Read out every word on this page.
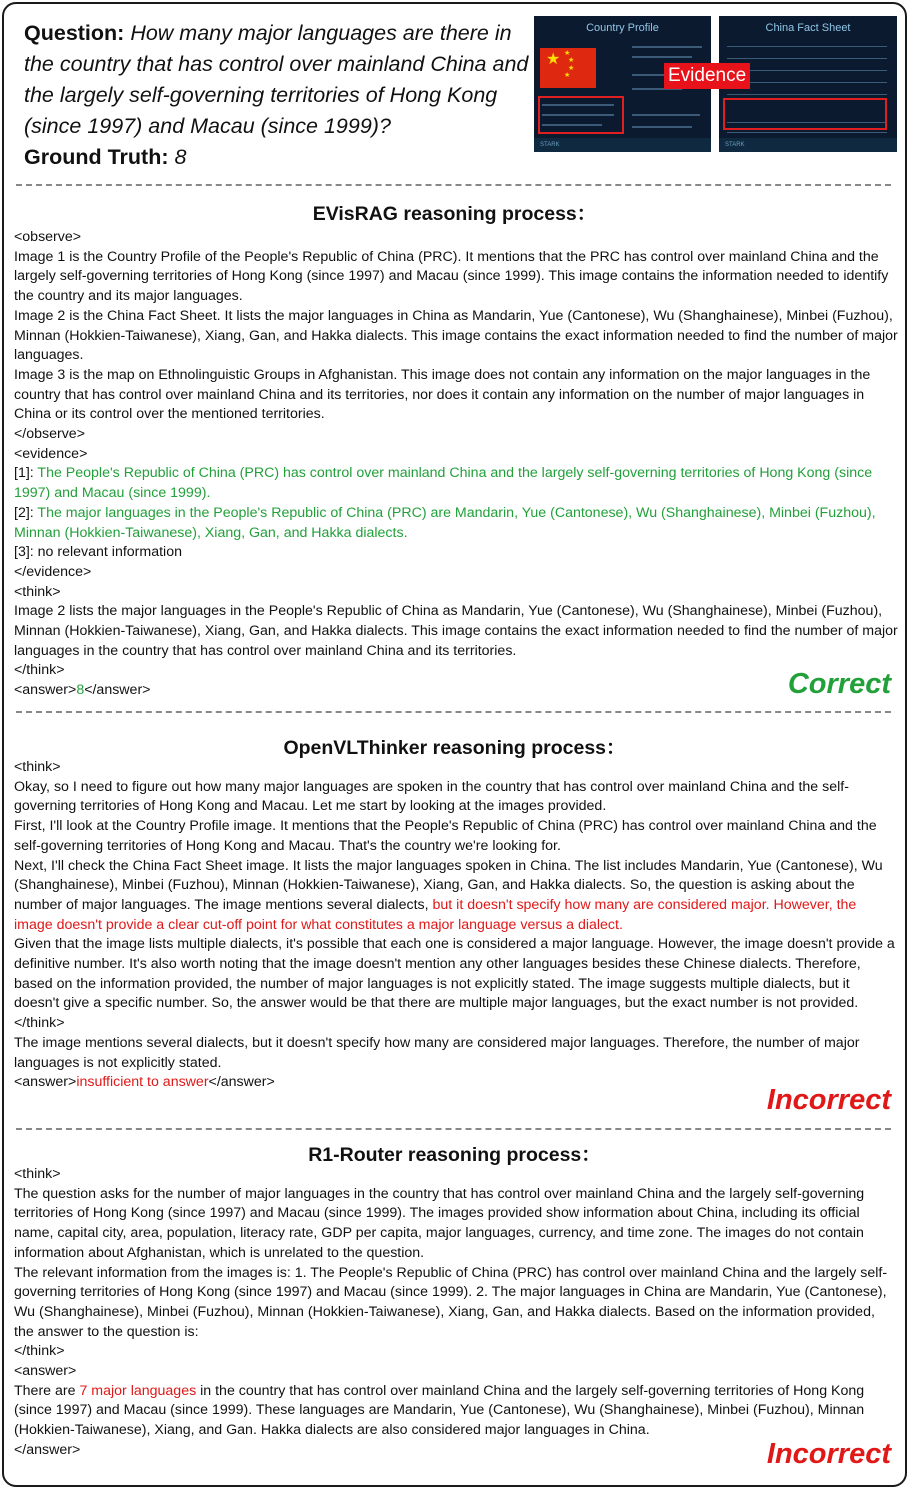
Question: How many major languages are there in the country that has control over mainland China and the largely self-governing territories of Hong Kong (since 1997) and Macau (since 1999)?
Ground Truth: 8
Country Profile
★ ★
★
★
★
STARK
China Fact Sheet
STARK
Evidence
EVisRAG reasoning process：

<observe>

Image 1 is the Country Profile of the People's Republic of China (PRC). It mentions that the PRC has control over mainland China and the largely self-governing territories of Hong Kong (since 1997) and Macau (since 1999). This image contains the information needed to identify the country and its major languages.

Image 2 is the China Fact Sheet. It lists the major languages in China as Mandarin, Yue (Cantonese), Wu (Shanghainese), Minbei (Fuzhou), Minnan (Hokkien-Taiwanese), Xiang, Gan, and Hakka dialects. This image contains the exact information needed to find the number of major languages.

Image 3 is the map on Ethnolinguistic Groups in Afghanistan. This image does not contain any information on the major languages in the country that has control over mainland China and its territories, nor does it contain any information on the number of major languages in China or its control over the mentioned territories.

</observe>

<evidence>

[1]: The People's Republic of China (PRC) has control over mainland China and the largely self-governing territories of Hong Kong (since 1997) and Macau (since 1999).

[2]: The major languages in the People's Republic of China (PRC) are Mandarin, Yue (Cantonese), Wu (Shanghainese), Minbei (Fuzhou), Minnan (Hokkien-Taiwanese), Xiang, Gan, and Hakka dialects.

[3]: no relevant information

</evidence>

<think>

Image 2 lists the major languages in the People's Republic of China as Mandarin, Yue (Cantonese), Wu (Shanghainese), Minbei (Fuzhou), Minnan (Hokkien-Taiwanese), Xiang, Gan, and Hakka dialects. This image contains the exact information needed to find the number of major languages in the country that has control over mainland China and its territories.

</think>

<answer>8</answer>	Correct
OpenVLThinker reasoning process：

<think>

Okay, so I need to figure out how many major languages are spoken in the country that has control over mainland China and the self-governing territories of Hong Kong and Macau. Let me start by looking at the images provided.

First, I'll look at the Country Profile image. It mentions that the People's Republic of China (PRC) has control over mainland China and the self-governing territories of Hong Kong and Macau. That's the country we're looking for.

Next, I'll check the China Fact Sheet image. It lists the major languages spoken in China. The list includes Mandarin, Yue (Cantonese), Wu (Shanghainese), Minbei (Fuzhou), Minnan (Hokkien-Taiwanese), Xiang, Gan, and Hakka dialects. So, the question is asking about the number of major languages. The image mentions several dialects, but it doesn't specify how many are considered major. However, the image doesn't provide a clear cut-off point for what constitutes a major language versus a dialect.

Given that the image lists multiple dialects, it's possible that each one is considered a major language. However, the image doesn't provide a definitive number. It's also worth noting that the image doesn't mention any other languages besides these Chinese dialects. Therefore, based on the information provided, the number of major languages is not explicitly stated. The image suggests multiple dialects, but it doesn't give a specific number. So, the answer would be that there are multiple major languages, but the exact number is not provided.

</think>

The image mentions several dialects, but it doesn't specify how many are considered major languages. Therefore, the number of major languages is not explicitly stated.

<answer>insufficient to answer</answer>

Incorrect
R1-Router reasoning process：

<think>

The question asks for the number of major languages in the country that has control over mainland China and the largely self-governing territories of Hong Kong (since 1997) and Macau (since 1999). The images provided show information about China, including its official name, capital city, area, population, literacy rate, GDP per capita, major languages, currency, and time zone. The images do not contain information about Afghanistan, which is unrelated to the question.

The relevant information from the images is: 1. The People's Republic of China (PRC) has control over mainland China and the largely self-governing territories of Hong Kong (since 1997) and Macau (since 1999). 2. The major languages in China are Mandarin, Yue (Cantonese), Wu (Shanghainese), Minbei (Fuzhou), Minnan (Hokkien-Taiwanese), Xiang, Gan, and Hakka dialects. Based on the information provided, the answer to the question is:

</think>

<answer>

There are 7 major languages in the country that has control over mainland China and the largely self-governing territories of Hong Kong (since 1997) and Macau (since 1999). These languages are Mandarin, Yue (Cantonese), Wu (Shanghainese), Minbei (Fuzhou), Minnan (Hokkien-Taiwanese), Xiang, and Gan. Hakka dialects are also considered major languages in China.

</answer>	Incorrect
